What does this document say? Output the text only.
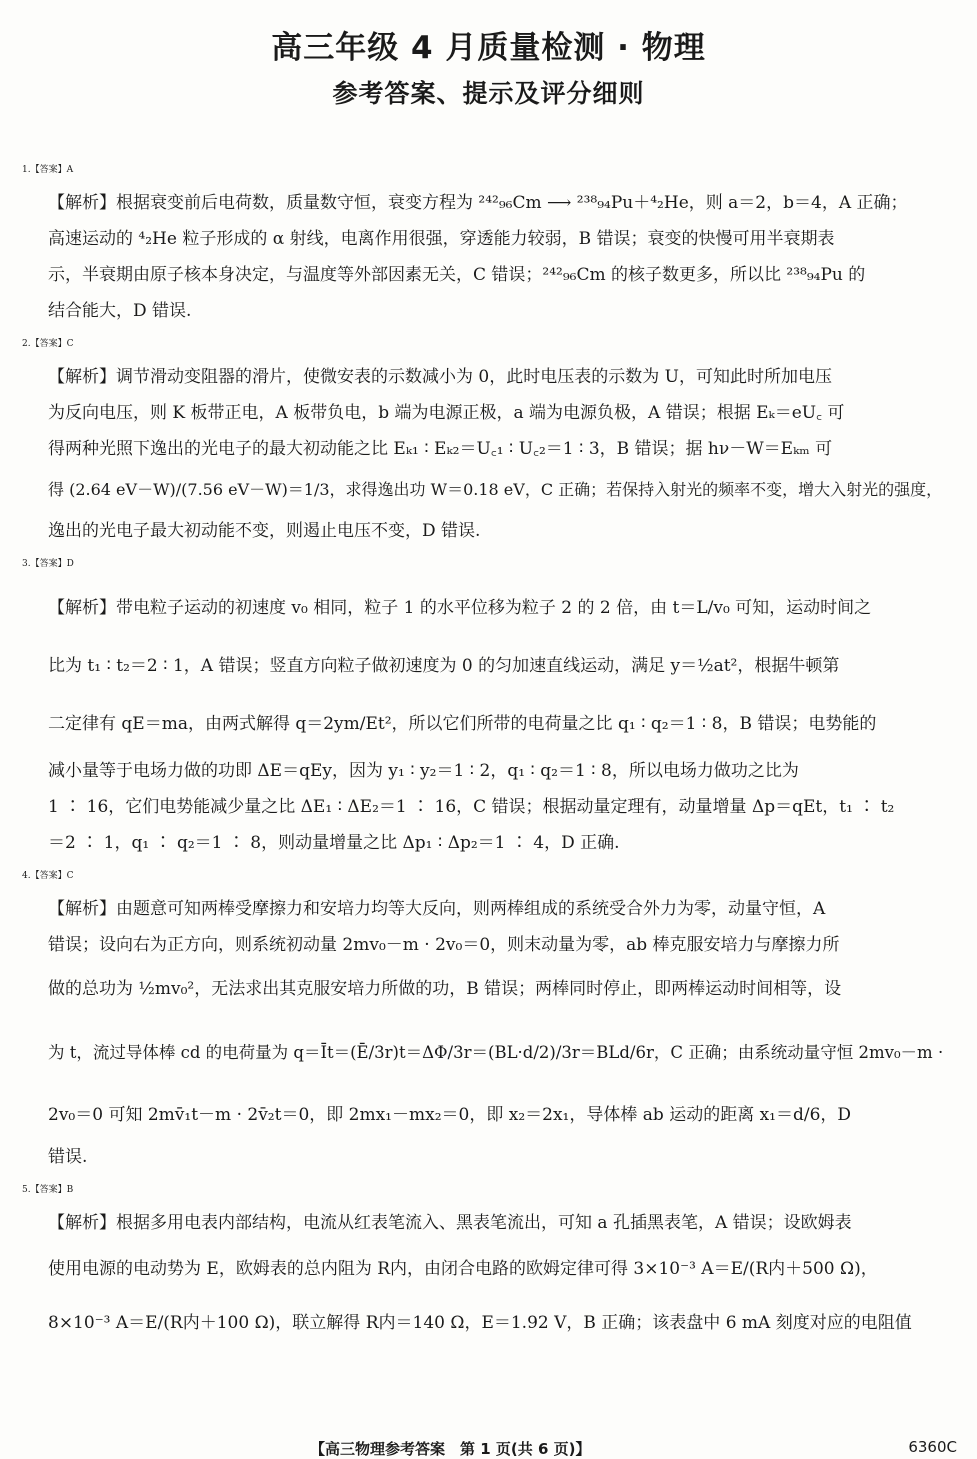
高三年级 4 月质量检测 · 物理
参考答案、提示及评分细则
1.【答案】A
【解析】根据衰变前后电荷数，质量数守恒，衰变方程为 ²⁴²₉₆Cm ⟶ ²³⁸₉₄Pu＋⁴₂He，则 a＝2，b＝4，A 正确；
高速运动的 ⁴₂He 粒子形成的 α 射线，电离作用很强，穿透能力较弱，B 错误；衰变的快慢可用半衰期表
示，半衰期由原子核本身决定，与温度等外部因素无关，C 错误；²⁴²₉₆Cm 的核子数更多，所以比 ²³⁸₉₄Pu 的
结合能大，D 错误.
2.【答案】C
【解析】调节滑动变阻器的滑片，使微安表的示数减小为 0，此时电压表的示数为 U，可知此时所加电压
为反向电压，则 K 板带正电，A 板带负电，b 端为电源正极，a 端为电源负极，A 错误；根据 Eₖ＝eU꜀ 可
得两种光照下逸出的光电子的最大初动能之比 Eₖ₁ ∶ Eₖ₂＝U꜀₁ ∶ U꜀₂＝1 ∶ 3，B 错误；据 hν－W＝Eₖₘ 可
得 (2.64 eV－W)/(7.56 eV－W)＝1/3，求得逸出功 W＝0.18 eV，C 正确；若保持入射光的频率不变，增大入射光的强度，
逸出的光电子最大初动能不变，则遏止电压不变，D 错误.
3.【答案】D
【解析】带电粒子运动的初速度 v₀ 相同，粒子 1 的水平位移为粒子 2 的 2 倍，由 t＝L/v₀ 可知，运动时间之
比为 t₁ ∶ t₂＝2 ∶ 1，A 错误；竖直方向粒子做初速度为 0 的匀加速直线运动，满足 y＝½at²，根据牛顿第
二定律有 qE＝ma，由两式解得 q＝2ym/Et²，所以它们所带的电荷量之比 q₁ ∶ q₂＝1 ∶ 8，B 错误；电势能的
减小量等于电场力做的功即 ΔE＝qEy，因为 y₁ ∶ y₂＝1 ∶ 2，q₁ ∶ q₂＝1 ∶ 8，所以电场力做功之比为
1 ∶ 16，它们电势能减少量之比 ΔE₁ ∶ ΔE₂＝1 ∶ 16，C 错误；根据动量定理有，动量增量 Δp＝qEt，t₁ ∶ t₂
＝2 ∶ 1，q₁ ∶ q₂＝1 ∶ 8，则动量增量之比 Δp₁ ∶ Δp₂＝1 ∶ 4，D 正确.
4.【答案】C
【解析】由题意可知两棒受摩擦力和安培力均等大反向，则两棒组成的系统受合外力为零，动量守恒，A
错误；设向右为正方向，则系统初动量 2mv₀－m · 2v₀＝0，则末动量为零，ab 棒克服安培力与摩擦力所
做的总功为 ½mv₀²，无法求出其克服安培力所做的功，B 错误；两棒同时停止，即两棒运动时间相等，设
为 t，流过导体棒 cd 的电荷量为 q＝Īt＝(Ē/3r)t＝ΔΦ/3r＝(BL·d/2)/3r＝BLd/6r，C 正确；由系统动量守恒 2mv₀－m ·
2v₀＝0 可知 2mv̄₁t－m · 2v̄₂t＝0，即 2mx₁－mx₂＝0，即 x₂＝2x₁，导体棒 ab 运动的距离 x₁＝d/6，D
错误.
5.【答案】B
【解析】根据多用电表内部结构，电流从红表笔流入、黑表笔流出，可知 a 孔插黑表笔，A 错误；设欧姆表
使用电源的电动势为 E，欧姆表的总内阻为 R内，由闭合电路的欧姆定律可得 3×10⁻³ A＝E/(R内＋500 Ω)，
8×10⁻³ A＝E/(R内＋100 Ω)，联立解得 R内＝140 Ω，E＝1.92 V，B 正确；该表盘中 6 mA 刻度对应的电阻值
【高三物理参考答案　第 1 页(共 6 页)】	6360C
